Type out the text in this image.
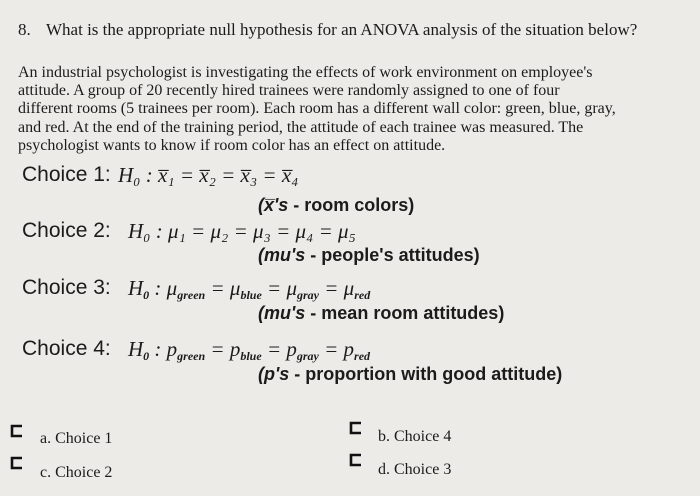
8. What is the appropriate null hypothesis for an ANOVA analysis of the situation below?
An industrial psychologist is investigating the effects of work environment on employee's
attitude. A group of 20 recently hired trainees were randomly assigned to one of four
different rooms (5 trainees per room). Each room has a different wall color: green, blue, gray,
and red. At the end of the training period, the attitude of each trainee was measured. The
psychologist wants to know if room color has an effect on attitude.
Choice 1: H₀ : x̅₁ = x̅₂ = x̅₃ = x̅₄
(x̅'s - room colors)
Choice 2: H₀ : μ₁ = μ₂ = μ₃ = μ₄ = μ₅
(mu's - people's attitudes)
Choice 3: $H_0$ : $\mu_{green} = \mu_{blue} = \mu_{gray} = \mu_{red}$
(mu's - mean room attitudes)
Choice 4: $H_0$ : $p_{green} = p_{blue} = p_{gray} = p_{red}$
(p's - proportion with good attitude)
a. Choice 1	b. Choice 4
c. Choice 2	d. Choice 3
